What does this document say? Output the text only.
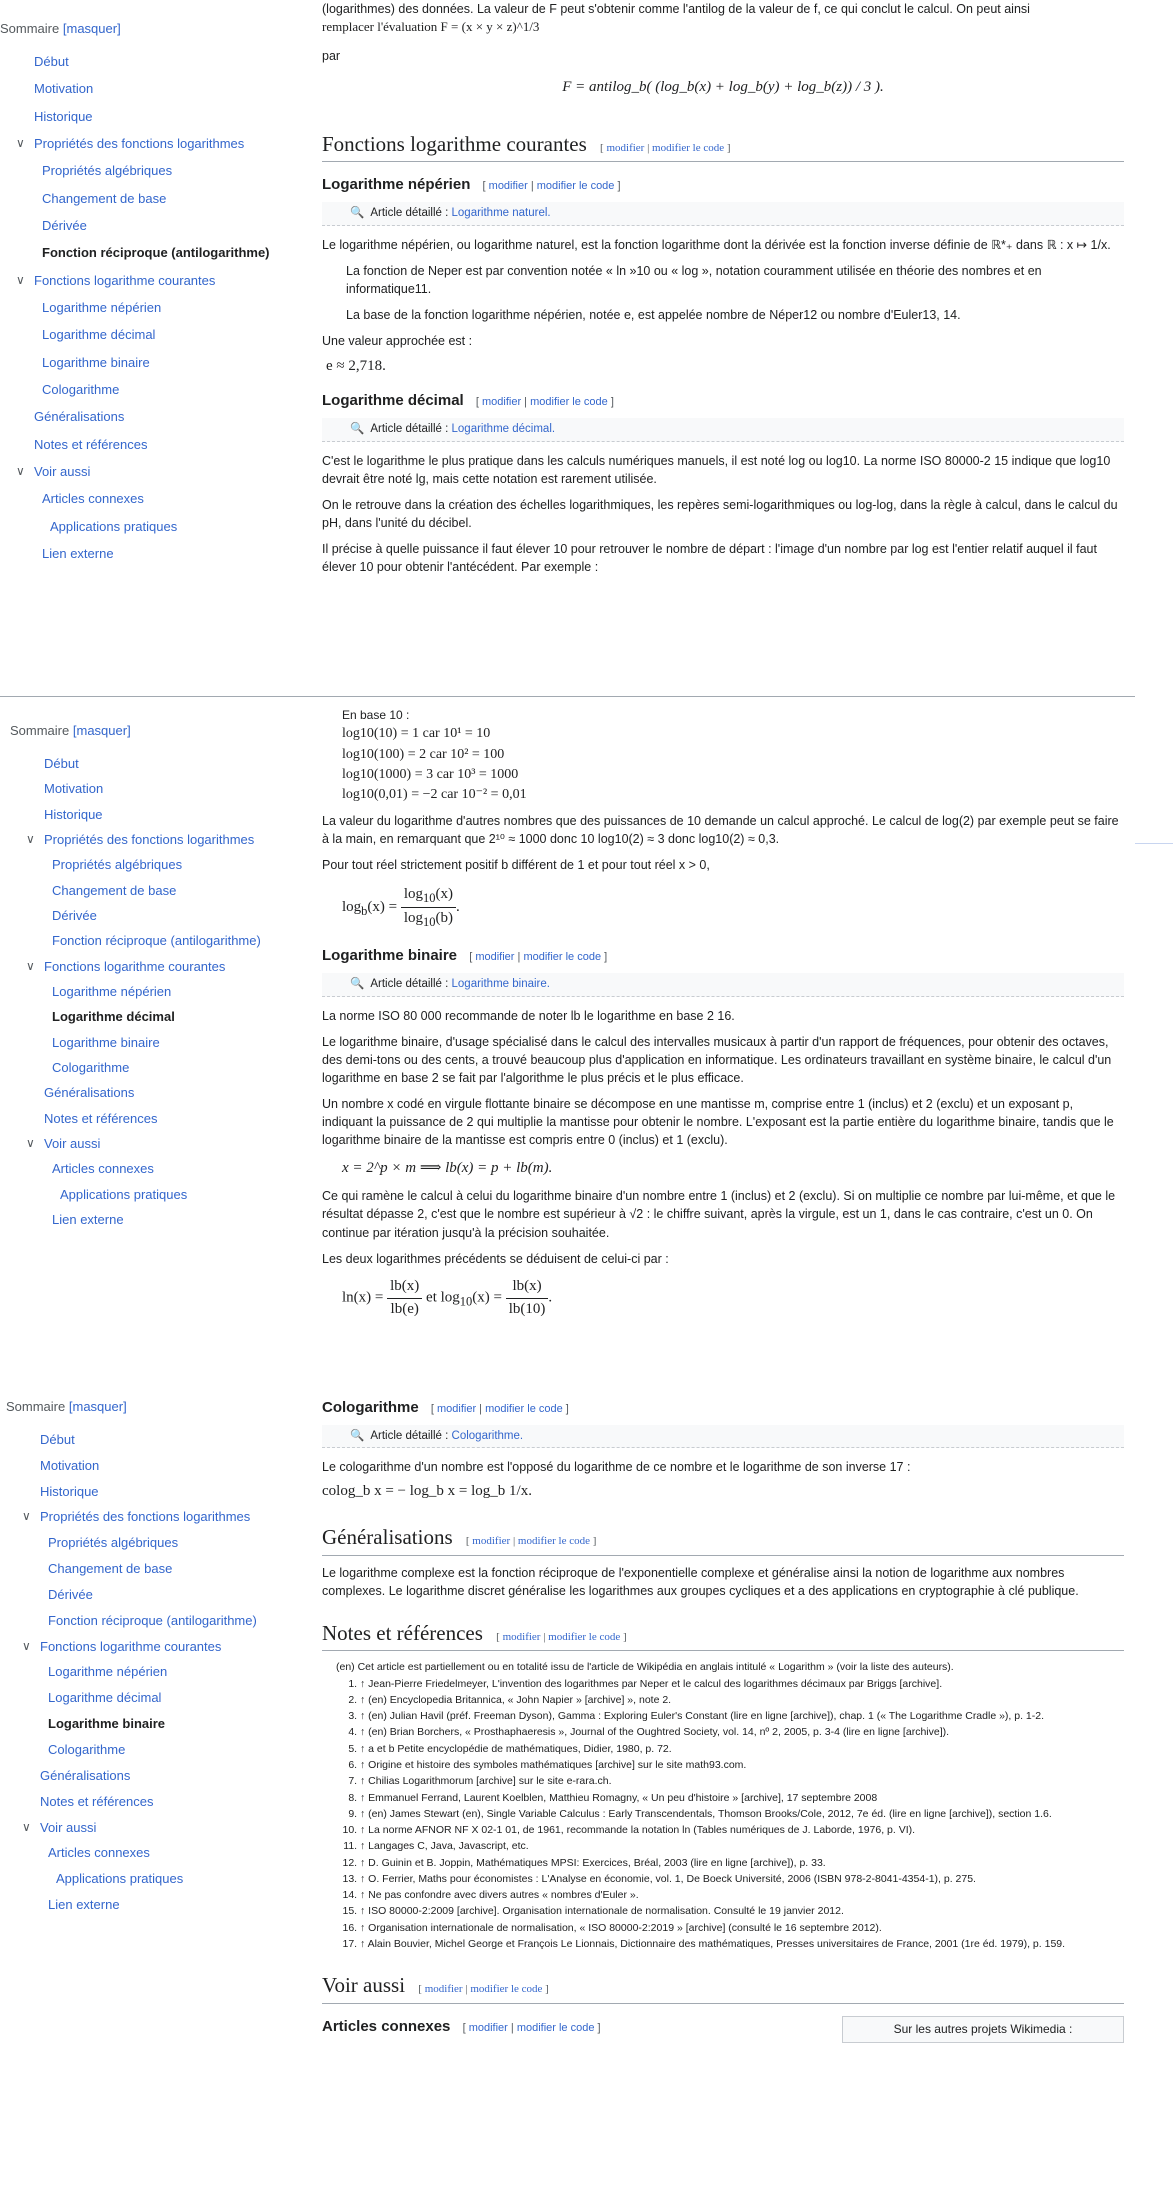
Sommaire [masquer]
Début
Motivation
Historique
∨ Propriétés des fonctions logarithmes
Propriétés algébriques
Changement de base
Dérivée
Fonction réciproque (antilogarithme)
∨ Fonctions logarithme courantes
Logarithme népérien
Logarithme décimal
Logarithme binaire
Cologarithme
Généralisations
Notes et références
∨ Voir aussi
Articles connexes
Applications pratiques
Lien externe
Sommaire [masquer]
Début
Motivation
Historique
∨ Propriétés des fonctions logarithmes
Propriétés algébriques
Changement de base
Dérivée
Fonction réciproque (antilogarithme)
∨ Fonctions logarithme courantes
Logarithme népérien
Logarithme décimal
Logarithme binaire
Cologarithme
Généralisations
Notes et références
∨ Voir aussi
Articles connexes
Applications pratiques
Lien externe
Sommaire [masquer]
Début
Motivation
Historique
∨ Propriétés des fonctions logarithmes
Propriétés algébriques
Changement de base
Dérivée
Fonction réciproque (antilogarithme)
∨ Fonctions logarithme courantes
Logarithme népérien
Logarithme décimal
Logarithme binaire
Cologarithme
Généralisations
Notes et références
∨ Voir aussi
Articles connexes
Applications pratiques
Lien externe

(logarithmes) des données. La valeur de F peut s'obtenir comme l'antilog de la valeur de f, ce qui conclut le calcul. On peut ainsi

remplacer l'évaluation F = (x × y × z)^1/3

par

F = antilog_b( (log_b(x) + log_b(y) + log_b(z)) / 3 ).

Fonctions logarithme courantes [ modifier | modifier le code ]
Logarithme népérien [ modifier | modifier le code ]
🔍 Article détaillé : Logarithme naturel.

Le logarithme népérien, ou logarithme naturel, est la fonction logarithme dont la dérivée est la fonction inverse définie de ℝ*₊ dans ℝ : x ↦ 1/x.

La fonction de Neper est par convention notée « ln »10 ou « log », notation couramment utilisée en théorie des nombres et en informatique11.

La base de la fonction logarithme népérien, notée e, est appelée nombre de Néper12 ou nombre d'Euler13, 14.

Une valeur approchée est :

e ≈ 2,718.

Logarithme décimal [ modifier | modifier le code ]
🔍 Article détaillé : Logarithme décimal.

C'est le logarithme le plus pratique dans les calculs numériques manuels, il est noté log ou log10. La norme ISO 80000-2 15 indique que log10 devrait être noté lg, mais cette notation est rarement utilisée.

On le retrouve dans la création des échelles logarithmiques, les repères semi-logarithmiques ou log-log, dans la règle à calcul, dans le calcul du pH, dans l'unité du décibel.

Il précise à quelle puissance il faut élever 10 pour retrouver le nombre de départ : l'image d'un nombre par log est l'entier relatif auquel il faut élever 10 pour obtenir l'antécédent. Par exemple :

En base 10 :

log10(10) = 1 car 10¹ = 10
log10(100) = 2 car 10² = 100
log10(1000) = 3 car 10³ = 1000
log10(0,01) = −2 car 10⁻² = 0,01

La valeur du logarithme d'autres nombres que des puissances de 10 demande un calcul approché. Le calcul de log(2) par exemple peut se faire à la main, en remarquant que 2¹⁰ ≈ 1000 donc 10 log10(2) ≈ 3 donc log10(2) ≈ 0,3.

Pour tout réel strictement positif b différent de 1 et pour tout réel x > 0,

$\log_b(x) = \frac{\log_{10}(x)}{\log_{10}(b)}$ .
Logarithme binaire [ modifier | modifier le code ]
🔍 Article détaillé : Logarithme binaire.

La norme ISO 80 000 recommande de noter lb le logarithme en base 2 16.

Le logarithme binaire, d'usage spécialisé dans le calcul des intervalles musicaux à partir d'un rapport de fréquences, pour obtenir des octaves, des demi-tons ou des cents, a trouvé beaucoup plus d'application en informatique. Les ordinateurs travaillant en système binaire, le calcul d'un logarithme en base 2 se fait par l'algorithme le plus précis et le plus efficace.

Un nombre x codé en virgule flottante binaire se décompose en une mantisse m, comprise entre 1 (inclus) et 2 (exclu) et un exposant p, indiquant la puissance de 2 qui multiplie la mantisse pour obtenir le nombre. L'exposant est la partie entière du logarithme binaire, tandis que le logarithme binaire de la mantisse est compris entre 0 (inclus) et 1 (exclu).

x = 2^p × m ⟹ lb(x) = p + lb(m).

Ce qui ramène le calcul à celui du logarithme binaire d'un nombre entre 1 (inclus) et 2 (exclu). Si on multiplie ce nombre par lui-même, et que le résultat dépasse 2, c'est que le nombre est supérieur à √2 : le chiffre suivant, après la virgule, est un 1, dans le cas contraire, c'est un 0. On continue par itération jusqu'à la précision souhaitée.

Les deux logarithmes précédents se déduisent de celui-ci par :

$\ln(x) = \frac{lb(x)}{lb(e)}$ et $\log_{10}(x) = \frac{lb(x)}{lb(10)}$ .
Cologarithme [ modifier | modifier le code ]
🔍 Article détaillé : Cologarithme.

Le cologarithme d'un nombre est l'opposé du logarithme de ce nombre et le logarithme de son inverse 17 :

colog_b x = − log_b x = log_b 1/x.

Généralisations [ modifier | modifier le code ]

Le logarithme complexe est la fonction réciproque de l'exponentielle complexe et généralise ainsi la notion de logarithme aux nombres complexes. Le logarithme discret généralise les logarithmes aux groupes cycliques et a des applications en cryptographie à clé publique.

Notes et références [ modifier | modifier le code ]
(en) Cet article est partiellement ou en totalité issu de l'article de Wikipédia en anglais intitulé « Logarithm » (voir la liste des auteurs).
1. ↑ Jean-Pierre Friedelmeyer, L'invention des logarithmes par Neper et le calcul des logarithmes décimaux par Briggs [archive].
2. ↑ (en) Encyclopedia Britannica, « John Napier » [archive] », note 2.
3. ↑ (en) Julian Havil (préf. Freeman Dyson), Gamma : Exploring Euler's Constant (lire en ligne [archive]), chap. 1 (« The Logarithme Cradle »), p. 1-2.
4. ↑ (en) Brian Borchers, « Prosthaphaeresis », Journal of the Oughtred Society, vol. 14, nº 2, 2005, p. 3-4 (lire en ligne [archive]).
5. ↑ a et b Petite encyclopédie de mathématiques, Didier, 1980, p. 72.
6. ↑ Origine et histoire des symboles mathématiques [archive] sur le site math93.com.
7. ↑ Chilias Logarithmorum [archive] sur le site e-rara.ch.
8. ↑ Emmanuel Ferrand, Laurent Koelblen, Matthieu Romagny, « Un peu d'histoire » [archive], 17 septembre 2008
9. ↑ (en) James Stewart (en), Single Variable Calculus : Early Transcendentals, Thomson Brooks/Cole, 2012, 7e éd. (lire en ligne [archive]), section 1.6.
10. ↑ La norme AFNOR NF X 02-1 01, de 1961, recommande la notation ln (Tables numériques de J. Laborde, 1976, p. VI).
11. ↑ Langages C, Java, Javascript, etc.
12. ↑ D. Guinin et B. Joppin, Mathématiques MPSI: Exercices, Bréal, 2003 (lire en ligne [archive]), p. 33.
13. ↑ O. Ferrier, Maths pour économistes : L'Analyse en économie, vol. 1, De Boeck Université, 2006 (ISBN 978-2-8041-4354-1), p. 275.
14. ↑ Ne pas confondre avec divers autres « nombres d'Euler ».
15. ↑ ISO 80000-2:2009 [archive]. Organisation internationale de normalisation. Consulté le 19 janvier 2012.
16. ↑ Organisation internationale de normalisation, « ISO 80000-2:2019 » [archive] (consulté le 16 septembre 2012).
17. ↑ Alain Bouvier, Michel George et François Le Lionnais, Dictionnaire des mathématiques, Presses universitaires de France, 2001 (1re éd. 1979), p. 159.
Voir aussi [ modifier | modifier le code ]
Articles connexes [ modifier | modifier le code ]	Sur les autres projets Wikimedia :
